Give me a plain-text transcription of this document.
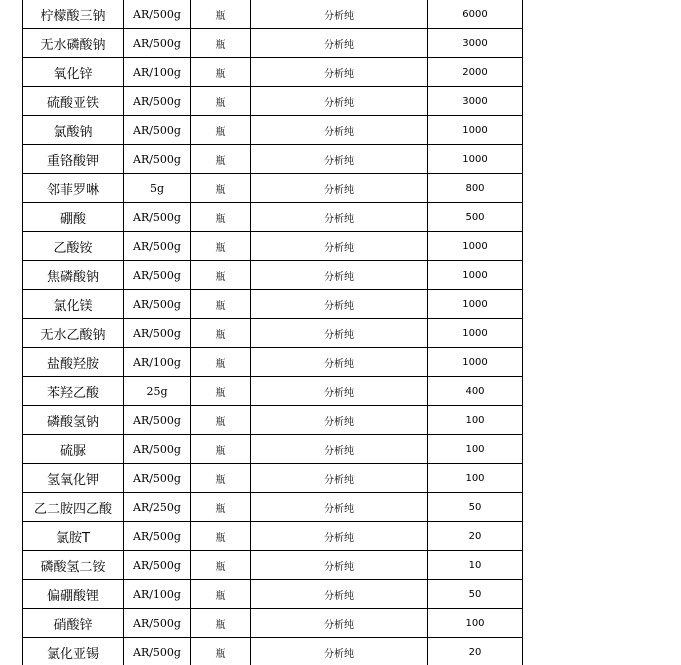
柠檬酸三钠	AR/500g	瓶	分析纯	6000
无水磷酸钠	AR/500g	瓶	分析纯	3000
氧化锌	AR/100g	瓶	分析纯	2000
硫酸亚铁	AR/500g	瓶	分析纯	3000
氯酸钠	AR/500g	瓶	分析纯	1000
重铬酸钾	AR/500g	瓶	分析纯	1000
邻菲罗啉	5g	瓶	分析纯	800
硼酸	AR/500g	瓶	分析纯	500
乙酸铵	AR/500g	瓶	分析纯	1000
焦磷酸钠	AR/500g	瓶	分析纯	1000
氯化镁	AR/500g	瓶	分析纯	1000
无水乙酸钠	AR/500g	瓶	分析纯	1000
盐酸羟胺	AR/100g	瓶	分析纯	1000
苯羟乙酸	25g	瓶	分析纯	400
磷酸氢钠	AR/500g	瓶	分析纯	100
硫脲	AR/500g	瓶	分析纯	100
氢氧化钾	AR/500g	瓶	分析纯	100
乙二胺四乙酸	AR/250g	瓶	分析纯	50
氯胺T	AR/500g	瓶	分析纯	20
磷酸氢二铵	AR/500g	瓶	分析纯	10
偏硼酸锂	AR/100g	瓶	分析纯	50
硝酸锌	AR/500g	瓶	分析纯	100
氯化亚锡	AR/500g	瓶	分析纯	20
